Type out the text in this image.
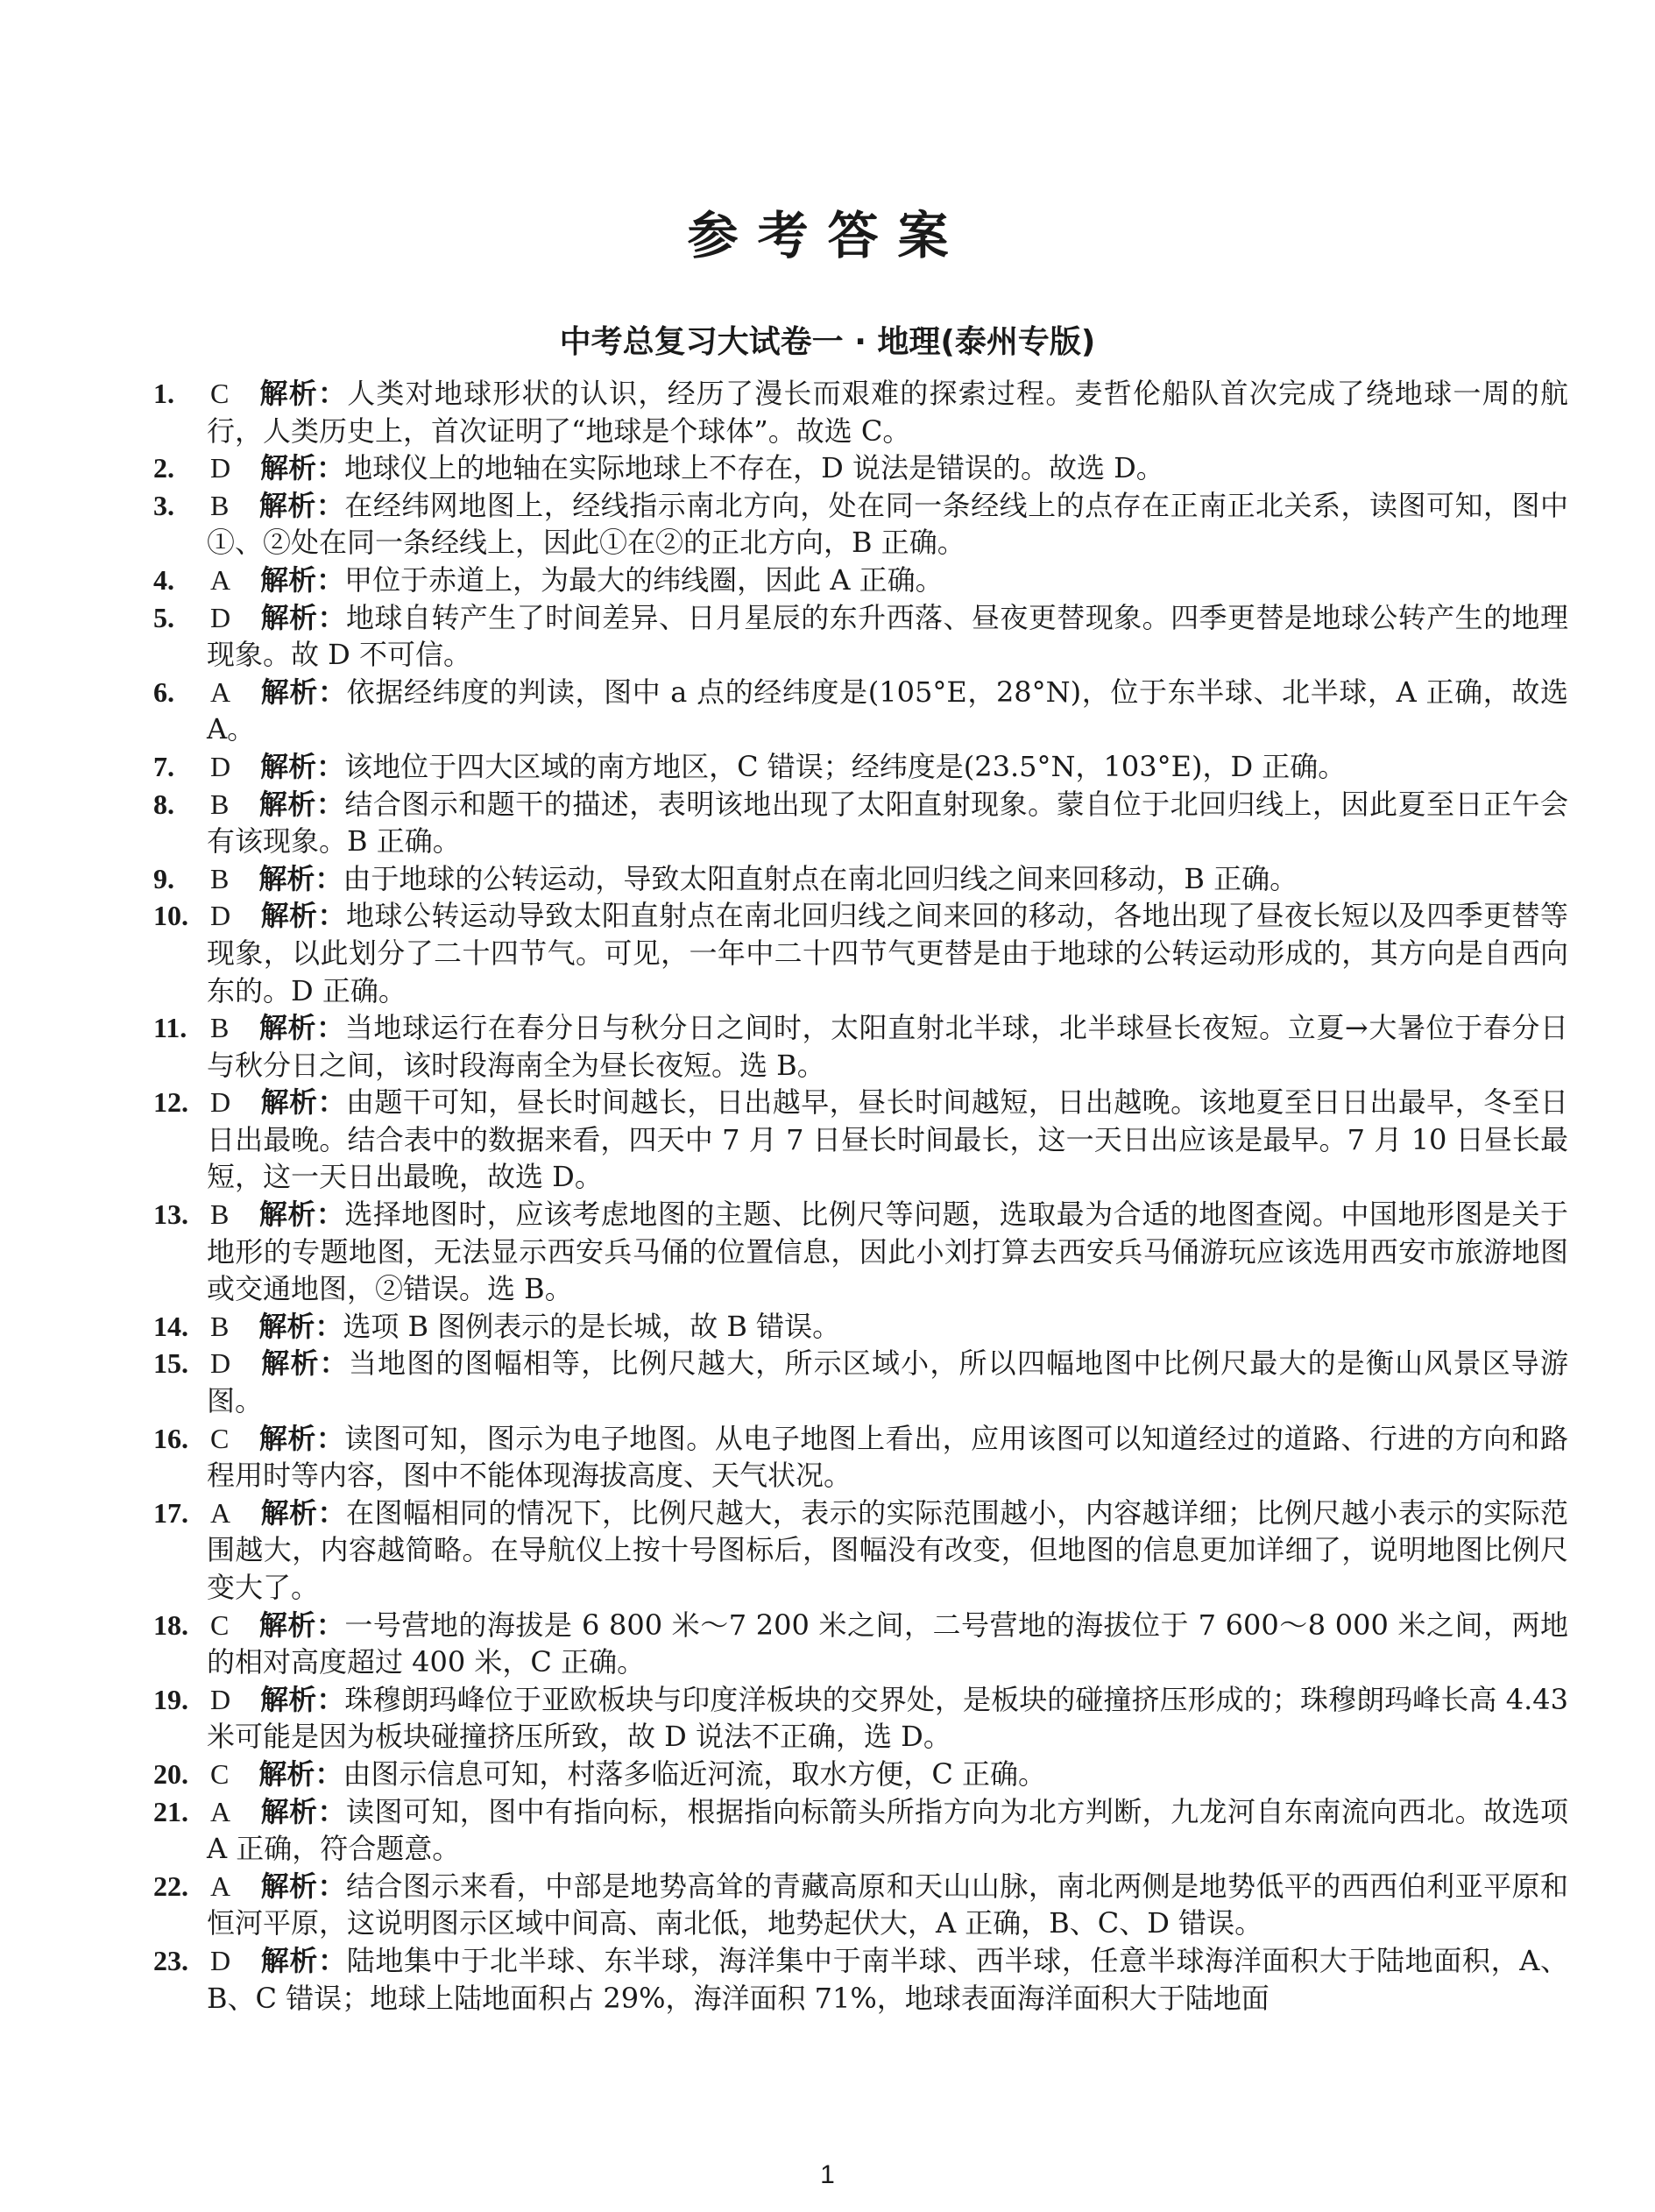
参考答案
中考总复习大试卷一 · 地理(泰州专版)
1. C 解析：人类对地球形状的认识，经历了漫长而艰难的探索过程。麦哲伦船队首次完成了绕地球一周的航行，人类历史上，首次证明了“地球是个球体”。故选 C。
2. D 解析：地球仪上的地轴在实际地球上不存在，D 说法是错误的。故选 D。
3. B 解析：在经纬网地图上，经线指示南北方向，处在同一条经线上的点存在正南正北关系，读图可知，图中①、②处在同一条经线上，因此①在②的正北方向，B 正确。
4. A 解析：甲位于赤道上，为最大的纬线圈，因此 A 正确。
5. D 解析：地球自转产生了时间差异、日月星辰的东升西落、昼夜更替现象。四季更替是地球公转产生的地理现象。故 D 不可信。
6. A 解析：依据经纬度的判读，图中 a 点的经纬度是(105°E，28°N)，位于东半球、北半球，A 正确，故选 A。
7. D 解析：该地位于四大区域的南方地区，C 错误；经纬度是(23.5°N，103°E)，D 正确。
8. B 解析：结合图示和题干的描述，表明该地出现了太阳直射现象。蒙自位于北回归线上，因此夏至日正午会有该现象。B 正确。
9. B 解析：由于地球的公转运动，导致太阳直射点在南北回归线之间来回移动，B 正确。
10. D 解析：地球公转运动导致太阳直射点在南北回归线之间来回的移动，各地出现了昼夜长短以及四季更替等现象，以此划分了二十四节气。可见，一年中二十四节气更替是由于地球的公转运动形成的，其方向是自西向东的。D 正确。
11. B 解析：当地球运行在春分日与秋分日之间时，太阳直射北半球，北半球昼长夜短。立夏→大暑位于春分日与秋分日之间，该时段海南全为昼长夜短。选 B。
12. D 解析：由题干可知，昼长时间越长，日出越早，昼长时间越短，日出越晚。该地夏至日日出最早，冬至日日出最晚。结合表中的数据来看，四天中 7 月 7 日昼长时间最长，这一天日出应该是最早。7 月 10 日昼长最短，这一天日出最晚，故选 D。
13. B 解析：选择地图时，应该考虑地图的主题、比例尺等问题，选取最为合适的地图查阅。中国地形图是关于地形的专题地图，无法显示西安兵马俑的位置信息，因此小刘打算去西安兵马俑游玩应该选用西安市旅游地图或交通地图，②错误。选 B。
14. B 解析：选项 B 图例表示的是长城，故 B 错误。
15. D 解析：当地图的图幅相等，比例尺越大，所示区域小，所以四幅地图中比例尺最大的是衡山风景区导游图。
16. C 解析：读图可知，图示为电子地图。从电子地图上看出，应用该图可以知道经过的道路、行进的方向和路程用时等内容，图中不能体现海拔高度、天气状况。
17. A 解析：在图幅相同的情况下，比例尺越大，表示的实际范围越小，内容越详细；比例尺越小表示的实际范围越大，内容越简略。在导航仪上按十号图标后，图幅没有改变，但地图的信息更加详细了，说明地图比例尺变大了。
18. C 解析：一号营地的海拔是 6 800 米～7 200 米之间，二号营地的海拔位于 7 600～8 000 米之间，两地的相对高度超过 400 米，C 正确。
19. D 解析：珠穆朗玛峰位于亚欧板块与印度洋板块的交界处，是板块的碰撞挤压形成的；珠穆朗玛峰长高 4.43 米可能是因为板块碰撞挤压所致，故 D 说法不正确，选 D。
20. C 解析：由图示信息可知，村落多临近河流，取水方便，C 正确。
21. A 解析：读图可知，图中有指向标，根据指向标箭头所指方向为北方判断，九龙河自东南流向西北。故选项 A 正确，符合题意。
22. A 解析：结合图示来看，中部是地势高耸的青藏高原和天山山脉，南北两侧是地势低平的西西伯利亚平原和恒河平原，这说明图示区域中间高、南北低，地势起伏大，A 正确，B、C、D 错误。
23. D 解析：陆地集中于北半球、东半球，海洋集中于南半球、西半球，任意半球海洋面积大于陆地面积，A、B、C 错误；地球上陆地面积占 29%，海洋面积 71%，地球表面海洋面积大于陆地面
1
